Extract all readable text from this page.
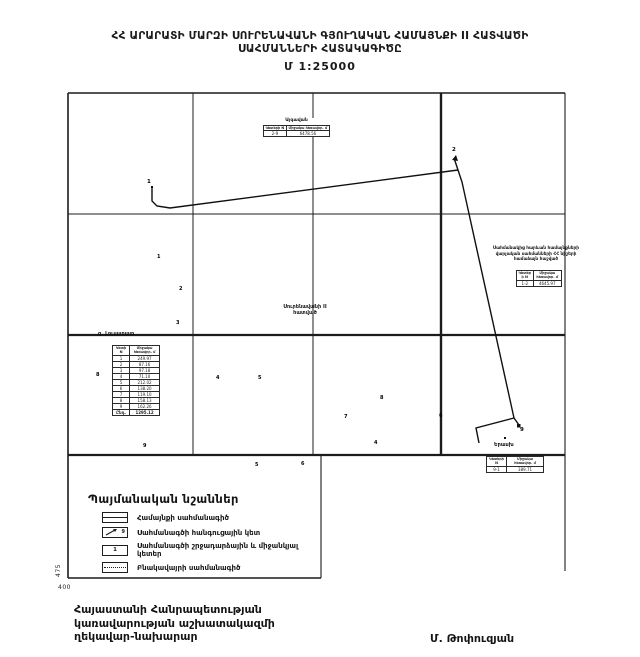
ՀՀ ԱՐԱՐԱՏԻ ՄԱՐԶԻ ՍՈՒՐԵՆԱՎԱՆԻ ԳՅՈՒՂԱԿԱՆ ՀԱՄԱՅՆՔԻ II ՀԱՏՎԱԾԻ
ՍԱՀՄԱՆՆԵՐԻ ՀԱՏԱԿԱԳԻԾԸ
Մ 1:25000
Այգավան
Կետերի N	Միջակա հեռավոր. մ
2-9	6478.56
Կետերի N	Միջակա հեռավոր. մ
1-2	4645.97
Կետի N	Միջակա հեռավոր. մ
1	249.97
2	87.16
3	97.18
4	71.10
5	212.02
6	138.20
7	119.10
8	158.13
9	162.26
Ընդ.	1295.12
Կետերի N	Միջակա հեռավոր. մ
9-1	389.71
Սուրենավանի II
հատված
գ. Լուսառատ
Երասխ
Սահմանակից հարևան համայնքների
վարչական սահմանների ՀՀ նիշերի
համաձայն հաշված
475
400
1
2
3
8	4	5
8
7	6
4
9
5	6
1
2
9
Պայմանական նշաններ
Համայնքի սահմանագիծ
9 Սահմանագծի հանգուցային կետ
1	Սահմանագծի շրջադարձային և միջանկյալ կետեր
Բնակավայրի սահմանագիծ
Հայաստանի Հանրապետության
կառավարության աշխատակազմի
ղեկավար-նախարար	Մ. Թոփուզյան
